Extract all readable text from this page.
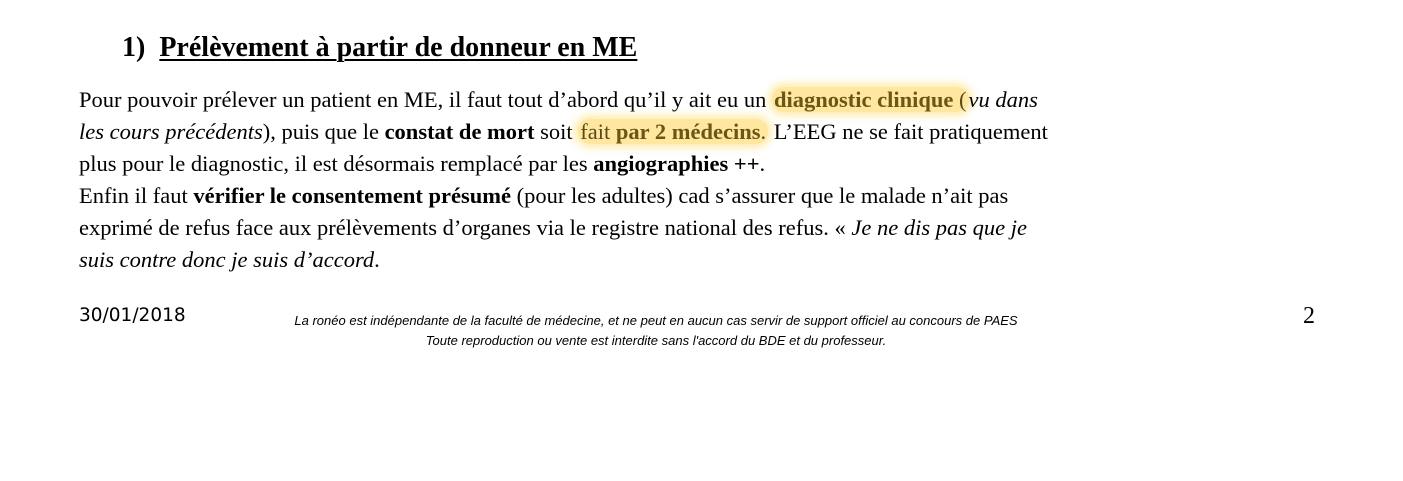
1) Prélèvement à partir de donneur en ME
Pour pouvoir prélever un patient en ME, il faut tout d’abord qu’il y ait eu un diagnostic clinique (vu dans
les cours précédents), puis que le constat de mort soit fait par 2 médecins. L’EEG ne se fait pratiquement
plus pour le diagnostic, il est désormais remplacé par les angiographies ++.
Enfin il faut vérifier le consentement présumé (pour les adultes) cad s’assurer que le malade n’ait pas
exprimé de refus face aux prélèvements d’organes via le registre national des refus. « Je ne dis pas que je
suis contre donc je suis d’accord.
30/01/2018	La ronéo est indépendante de la faculté de médecine, et ne peut en aucun cas servir de support officiel au concours de PAES
Toute reproduction ou vente est interdite sans l'accord du BDE et du professeur.
2
